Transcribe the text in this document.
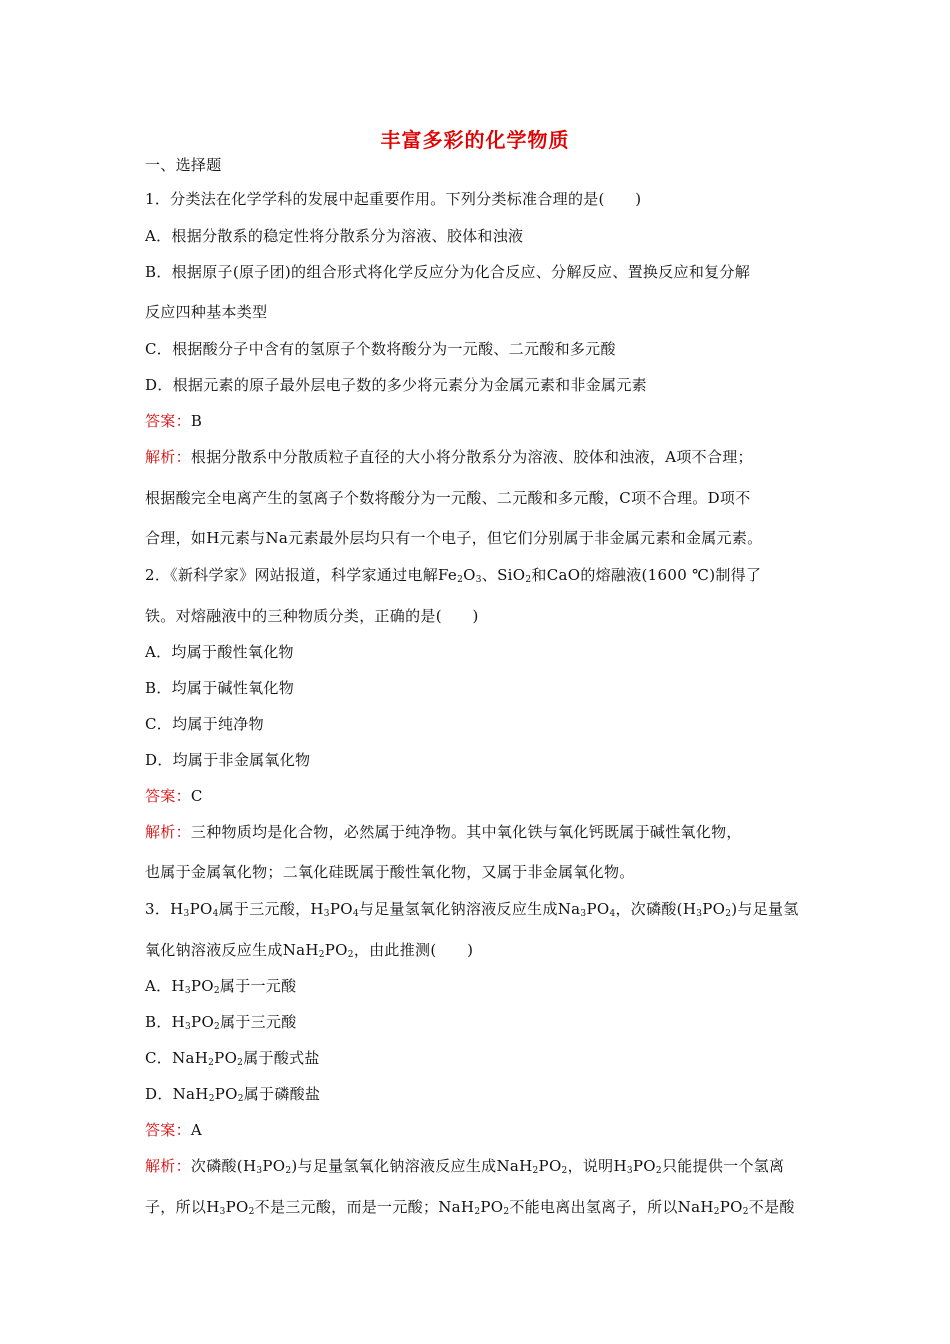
丰富多彩的化学物质

一、选择题

1．分类法在化学学科的发展中起重要作用。下列分类标准合理的是(　　)

A．根据分散系的稳定性将分散系分为溶液、胶体和浊液

B．根据原子(原子团)的组合形式将化学反应分为化合反应、分解反应、置换反应和复分解

反应四种基本类型

C．根据酸分子中含有的氢原子个数将酸分为一元酸、二元酸和多元酸

D．根据元素的原子最外层电子数的多少将元素分为金属元素和非金属元素

答案：B

解析：根据分散系中分散质粒子直径的大小将分散系分为溶液、胶体和浊液，A项不合理；

根据酸完全电离产生的氢离子个数将酸分为一元酸、二元酸和多元酸，C项不合理。D项不

合理，如H元素与Na元素最外层均只有一个电子，但它们分别属于非金属元素和金属元素。

2．《新科学家》网站报道，科学家通过电解$Fe_2O_3$、SiO$_2$和CaO的熔融液(1600 ℃)制得了

铁。对熔融液中的三种物质分类，正确的是(　　)

A．均属于酸性氧化物

B．均属于碱性氧化物

C．均属于纯净物

D．均属于非金属氧化物

答案：C

解析：三种物质均是化合物，必然属于纯净物。其中氧化铁与氧化钙既属于碱性氧化物，

也属于金属氧化物；二氧化硅既属于酸性氧化物，又属于非金属氧化物。

3．$H_3PO_4$属于三元酸，$H_3PO_4$与足量氢氧化钠溶液反应生成$Na_3PO_4$，次磷酸$(H_3PO_2)$与足量氢

氧化钠溶液反应生成$NaH_2PO_2$，由此推测(　　)

A．$H_3PO_2$属于一元酸

B．$H_3PO_2$属于三元酸

C．$NaH_2PO_2$属于酸式盐

D．$NaH_2PO_2$属于磷酸盐

答案：A

解析：次磷酸$(H_3PO_2)$与足量氢氧化钠溶液反应生成$NaH_2PO_2$，说明$H_3PO_2$只能提供一个氢离

子，所以$H_3PO_2$不是三元酸，而是一元酸；$NaH_2PO_2$不能电离出氢离子，所以$NaH_2PO_2$不是酸
